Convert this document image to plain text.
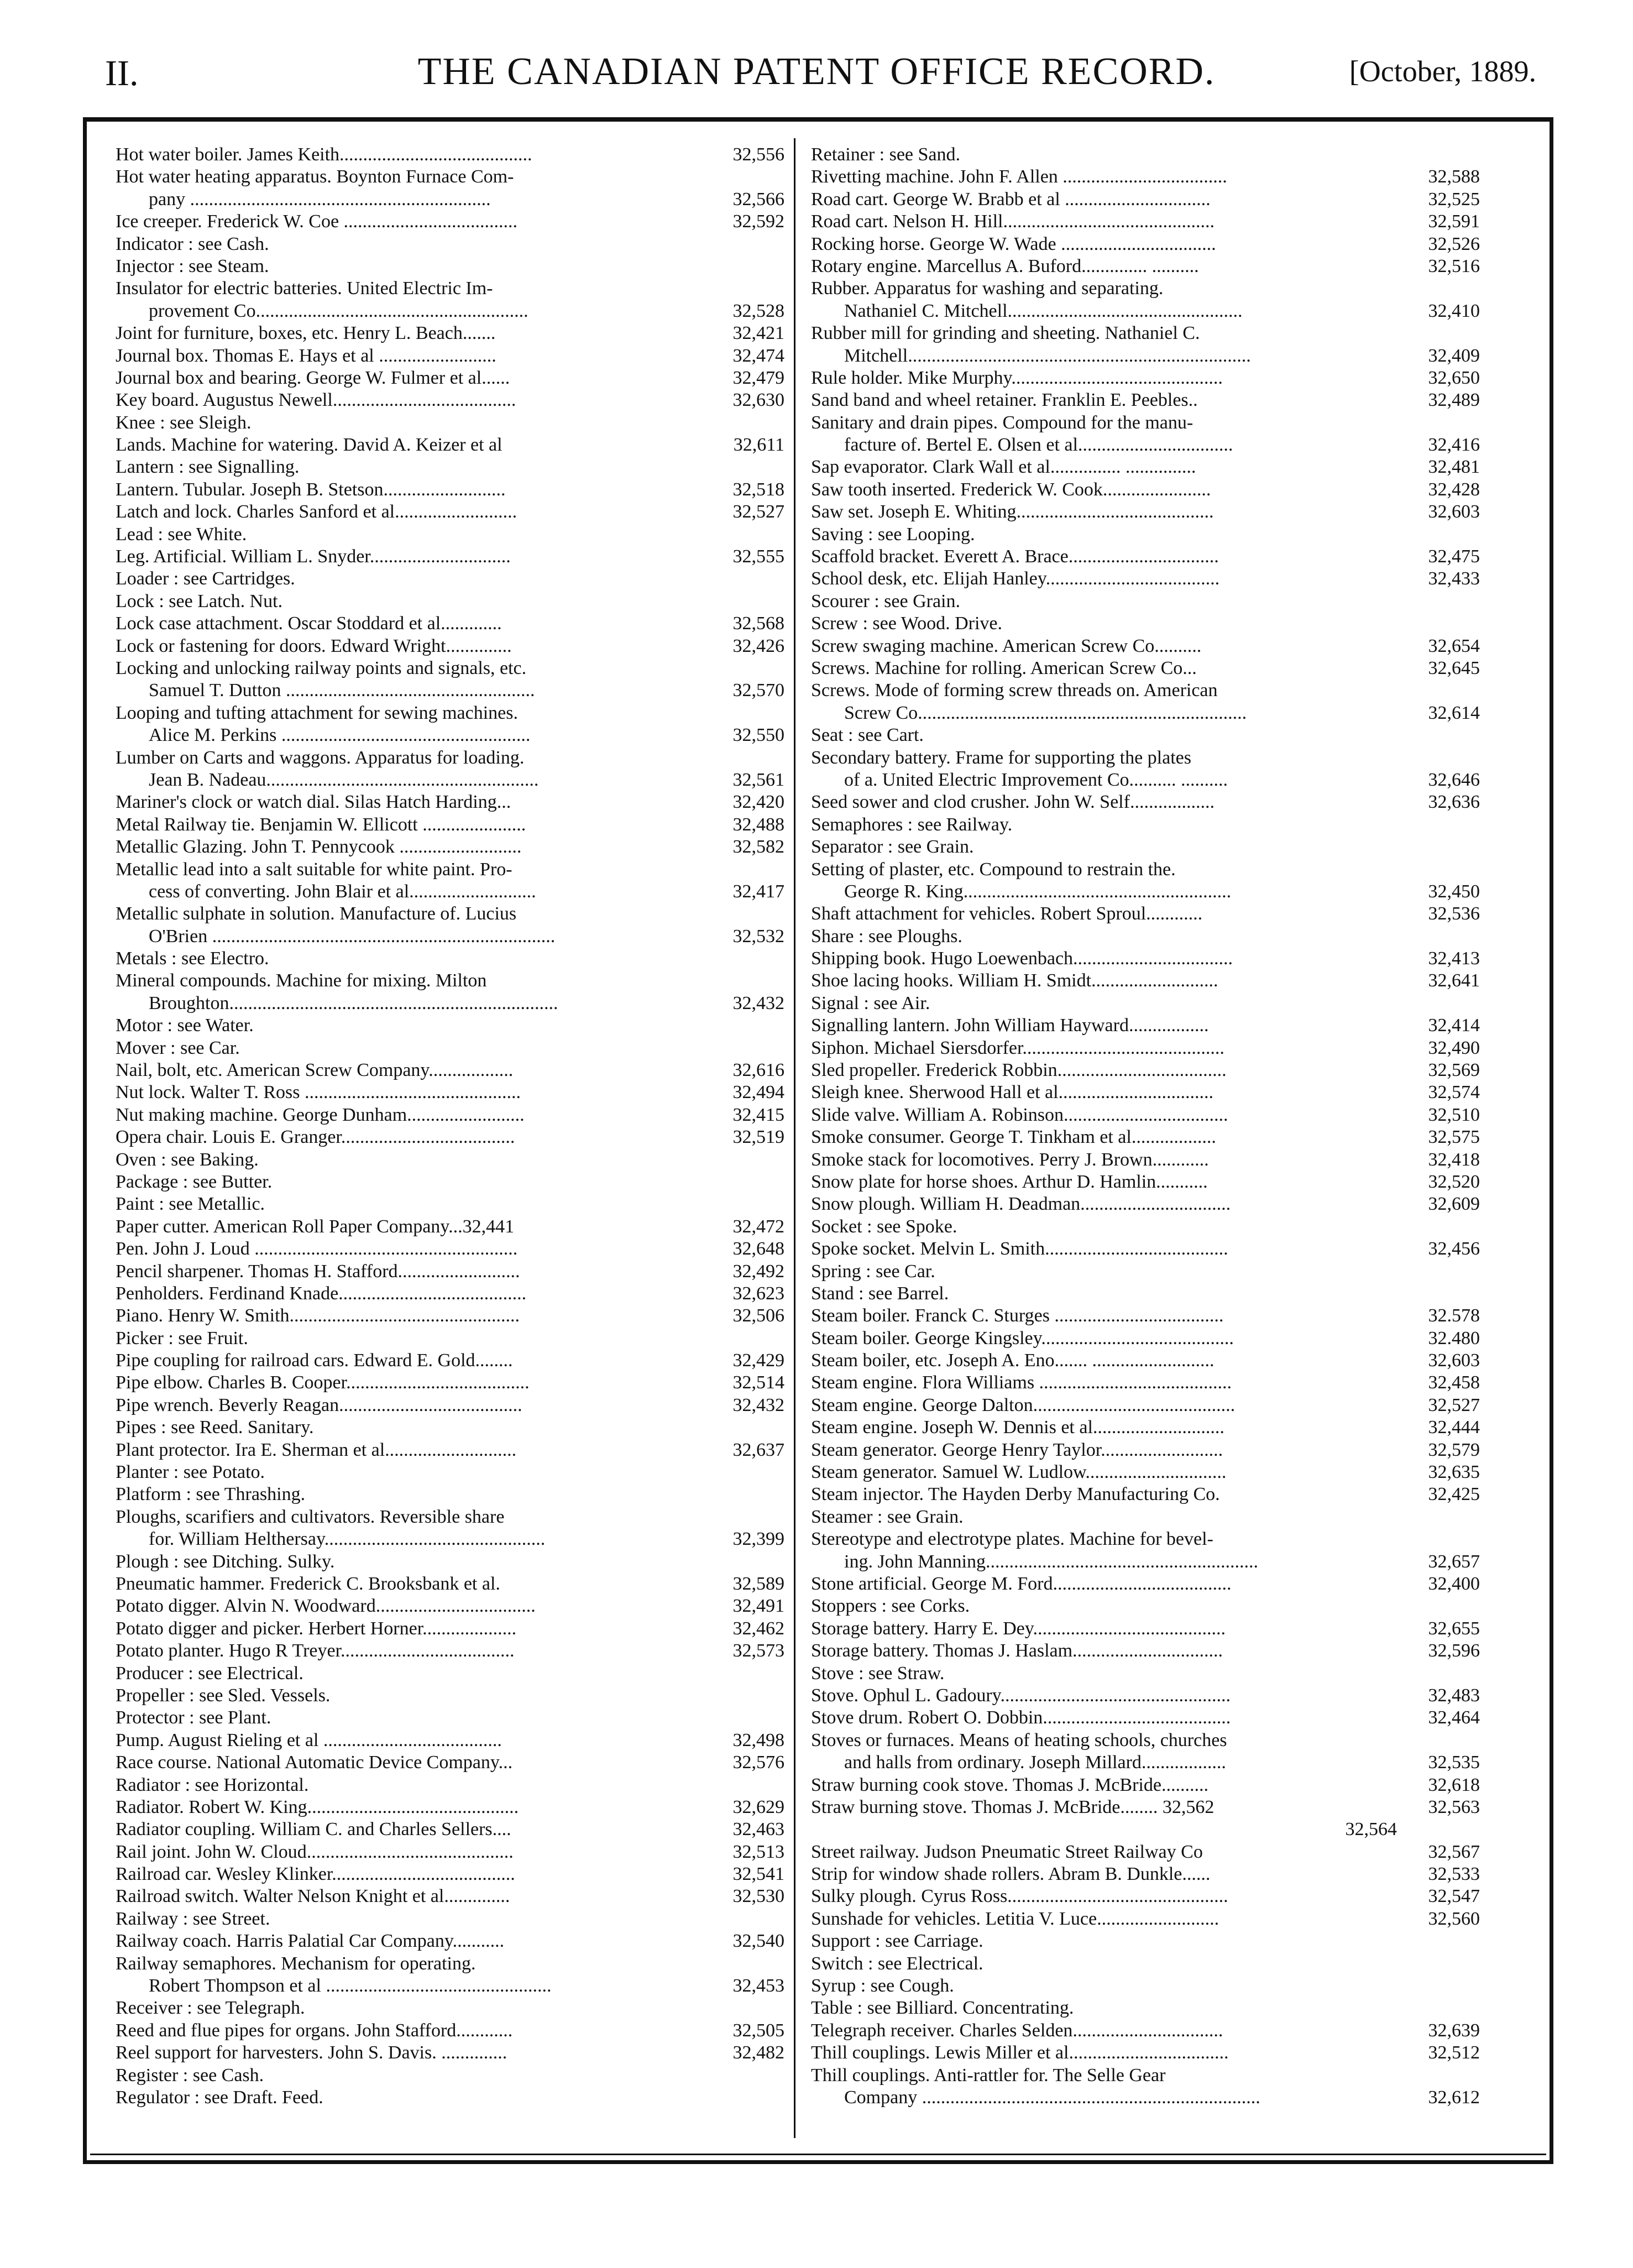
II.	THE CANADIAN PATENT OFFICE RECORD.	[October, 1889.
Hot water boiler. James Keith.........................................	32,556
Hot water heating apparatus. Boynton Furnace Com-
pany ................................................................	32,566
Ice creeper. Frederick W. Coe .....................................	32,592
Indicator : see Cash.
Injector : see Steam.
Insulator for electric batteries. United Electric Im-
provement Co..........................................................	32,528
Joint for furniture, boxes, etc. Henry L. Beach.......	32,421
Journal box. Thomas E. Hays et al .........................	32,474
Journal box and bearing. George W. Fulmer et al......	32,479
Key board. Augustus Newell.......................................	32,630
Knee : see Sleigh.
Lands. Machine for watering. David A. Keizer et al	32,611
Lantern : see Signalling.
Lantern. Tubular. Joseph B. Stetson..........................	32,518
Latch and lock. Charles Sanford et al..........................	32,527
Lead : see White.
Leg. Artificial. William L. Snyder..............................	32,555
Loader : see Cartridges.
Lock : see Latch. Nut.
Lock case attachment. Oscar Stoddard et al.............	32,568
Lock or fastening for doors. Edward Wright..............	32,426
Locking and unlocking railway points and signals, etc.
Samuel T. Dutton .....................................................	32,570
Looping and tufting attachment for sewing machines.
Alice M. Perkins .....................................................	32,550
Lumber on Carts and waggons. Apparatus for loading.
Jean B. Nadeau..........................................................	32,561
Mariner's clock or watch dial. Silas Hatch Harding...	32,420
Metal Railway tie. Benjamin W. Ellicott ......................	32,488
Metallic Glazing. John T. Pennycook ..........................	32,582
Metallic lead into a salt suitable for white paint. Pro-
cess of converting. John Blair et al...........................	32,417
Metallic sulphate in solution. Manufacture of. Lucius
O'Brien .........................................................................	32,532
Metals : see Electro.
Mineral compounds. Machine for mixing. Milton
Broughton......................................................................	32,432
Motor : see Water.
Mover : see Car.
Nail, bolt, etc. American Screw Company..................	32,616
Nut lock. Walter T. Ross ..............................................	32,494
Nut making machine. George Dunham.........................	32,415
Opera chair. Louis E. Granger.....................................	32,519
Oven : see Baking.
Package : see Butter.
Paint : see Metallic.
Paper cutter. American Roll Paper Company...32,441	32,472
Pen. John J. Loud ........................................................	32,648
Pencil sharpener. Thomas H. Stafford..........................	32,492
Penholders. Ferdinand Knade........................................	32,623
Piano. Henry W. Smith.................................................	32,506
Picker : see Fruit.
Pipe coupling for railroad cars. Edward E. Gold........	32,429
Pipe elbow. Charles B. Cooper.......................................	32,514
Pipe wrench. Beverly Reagan.......................................	32,432
Pipes : see Reed. Sanitary.
Plant protector. Ira E. Sherman et al............................	32,637
Planter : see Potato.
Platform : see Thrashing.
Ploughs, scarifiers and cultivators. Reversible share
for. William Helthersay...............................................	32,399
Plough : see Ditching. Sulky.
Pneumatic hammer. Frederick C. Brooksbank et al.	32,589
Potato digger. Alvin N. Woodward..................................	32,491
Potato digger and picker. Herbert Horner....................	32,462
Potato planter. Hugo R Treyer.....................................	32,573
Producer : see Electrical.
Propeller : see Sled. Vessels.
Protector : see Plant.
Pump. August Rieling et al ......................................	32,498
Race course. National Automatic Device Company...	32,576
Radiator : see Horizontal.
Radiator. Robert W. King.............................................	32,629
Radiator coupling. William C. and Charles Sellers....	32,463
Rail joint. John W. Cloud............................................	32,513
Railroad car. Wesley Klinker.......................................	32,541
Railroad switch. Walter Nelson Knight et al..............	32,530
Railway : see Street.
Railway coach. Harris Palatial Car Company...........	32,540
Railway semaphores. Mechanism for operating.
Robert Thompson et al ................................................	32,453
Receiver : see Telegraph.
Reed and flue pipes for organs. John Stafford............	32,505
Reel support for harvesters. John S. Davis. ..............	32,482
Register : see Cash.
Regulator : see Draft. Feed.
Retainer : see Sand.
Rivetting machine. John F. Allen ...................................	32,588
Road cart. George W. Brabb et al ...............................	32,525
Road cart. Nelson H. Hill.............................................	32,591
Rocking horse. George W. Wade .................................	32,526
Rotary engine. Marcellus A. Buford.............. ..........	32,516
Rubber. Apparatus for washing and separating.
Nathaniel C. Mitchell..................................................	32,410
Rubber mill for grinding and sheeting. Nathaniel C.
Mitchell.........................................................................	32,409
Rule holder. Mike Murphy.............................................	32,650
Sand band and wheel retainer. Franklin E. Peebles..	32,489
Sanitary and drain pipes. Compound for the manu-
facture of. Bertel E. Olsen et al.................................	32,416
Sap evaporator. Clark Wall et al............... ...............	32,481
Saw tooth inserted. Frederick W. Cook.......................	32,428
Saw set. Joseph E. Whiting..........................................	32,603
Saving : see Looping.
Scaffold bracket. Everett A. Brace................................	32,475
School desk, etc. Elijah Hanley.....................................	32,433
Scourer : see Grain.
Screw : see Wood. Drive.
Screw swaging machine. American Screw Co..........	32,654
Screws. Machine for rolling. American Screw Co...	32,645
Screws. Mode of forming screw threads on. American
Screw Co......................................................................	32,614
Seat : see Cart.
Secondary battery. Frame for supporting the plates
of a. United Electric Improvement Co.......... ..........	32,646
Seed sower and clod crusher. John W. Self..................	32,636
Semaphores : see Railway.
Separator : see Grain.
Setting of plaster, etc. Compound to restrain the.
George R. King.........................................................	32,450
Shaft attachment for vehicles. Robert Sproul............	32,536
Share : see Ploughs.
Shipping book. Hugo Loewenbach..................................	32,413
Shoe lacing hooks. William H. Smidt...........................	32,641
Signal : see Air.
Signalling lantern. John William Hayward.................	32,414
Siphon. Michael Siersdorfer...........................................	32,490
Sled propeller. Frederick Robbin....................................	32,569
Sleigh knee. Sherwood Hall et al.................................	32,574
Slide valve. William A. Robinson...................................	32,510
Smoke consumer. George T. Tinkham et al..................	32,575
Smoke stack for locomotives. Perry J. Brown............	32,418
Snow plate for horse shoes. Arthur D. Hamlin...........	32,520
Snow plough. William H. Deadman................................	32,609
Socket : see Spoke.
Spoke socket. Melvin L. Smith.......................................	32,456
Spring : see Car.
Stand : see Barrel.
Steam boiler. Franck C. Sturges ....................................	32.578
Steam boiler. George Kingsley.........................................	32.480
Steam boiler, etc. Joseph A. Eno....... ..........................	32,603
Steam engine. Flora Williams .........................................	32,458
Steam engine. George Dalton...........................................	32,527
Steam engine. Joseph W. Dennis et al............................	32,444
Steam generator. George Henry Taylor..........................	32,579
Steam generator. Samuel W. Ludlow..............................	32,635
Steam injector. The Hayden Derby Manufacturing Co.	32,425
Steamer : see Grain.
Stereotype and electrotype plates. Machine for bevel-
ing. John Manning..........................................................	32,657
Stone artificial. George M. Ford......................................	32,400
Stoppers : see Corks.
Storage battery. Harry E. Dey.........................................	32,655
Storage battery. Thomas J. Haslam................................	32,596
Stove : see Straw.
Stove. Ophul L. Gadoury.................................................	32,483
Stove drum. Robert O. Dobbin........................................	32,464
Stoves or furnaces. Means of heating schools, churches
and halls from ordinary. Joseph Millard..................	32,535
Straw burning cook stove. Thomas J. McBride..........	32,618
Straw burning stove. Thomas J. McBride........ 32,562	32,563
32,564
Street railway. Judson Pneumatic Street Railway Co	32,567
Strip for window shade rollers. Abram B. Dunkle......	32,533
Sulky plough. Cyrus Ross...............................................	32,547
Sunshade for vehicles. Letitia V. Luce..........................	32,560
Support : see Carriage.
Switch : see Electrical.
Syrup : see Cough.
Table : see Billiard. Concentrating.
Telegraph receiver. Charles Selden................................	32,639
Thill couplings. Lewis Miller et al..................................	32,512
Thill couplings. Anti-rattler for. The Selle Gear
Company ........................................................................	32,612
